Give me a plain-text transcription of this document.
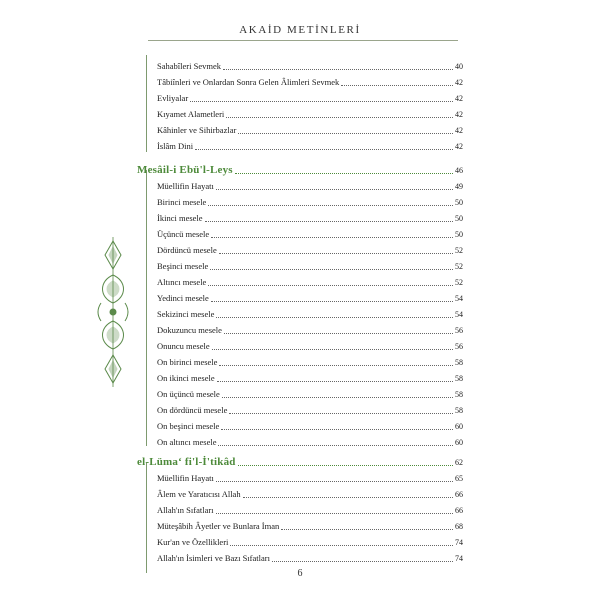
AKAİD METİNLERİ
Sahabîleri Sevmek	40
Tâbiînleri ve Onlardan Sonra Gelen Âlimleri Sevmek	42
Evliyalar	42
Kıyamet Alametleri	42
Kâhinler ve Sihirbazlar	42
İslâm Dini	42
Mesâil-i Ebü'l-Leys	46
Müellifin Hayatı	49
Birinci mesele	50
İkinci mesele	50
Üçüncü mesele	50
Dördüncü mesele	52
Beşinci mesele	52
Altıncı mesele	52
Yedinci mesele	54
Sekizinci mesele	54
Dokuzuncu mesele	56
Onuncu mesele	56
On birinci mesele	58
On ikinci mesele	58
On üçüncü mesele	58
On dördüncü mesele	58
On beşinci mesele	60
On altıncı mesele	60
el-Lüma‘ fi'l-İ'tikâd	62
Müellifin Hayatı	65
Âlem ve Yaratıcısı Allah	66
Allah'ın Sıfatları	66
Müteşâbih Âyetler ve Bunlara İman	68
Kur'an ve Özellikleri	74
Allah'ın İsimleri ve Bazı Sıfatları	74
6
